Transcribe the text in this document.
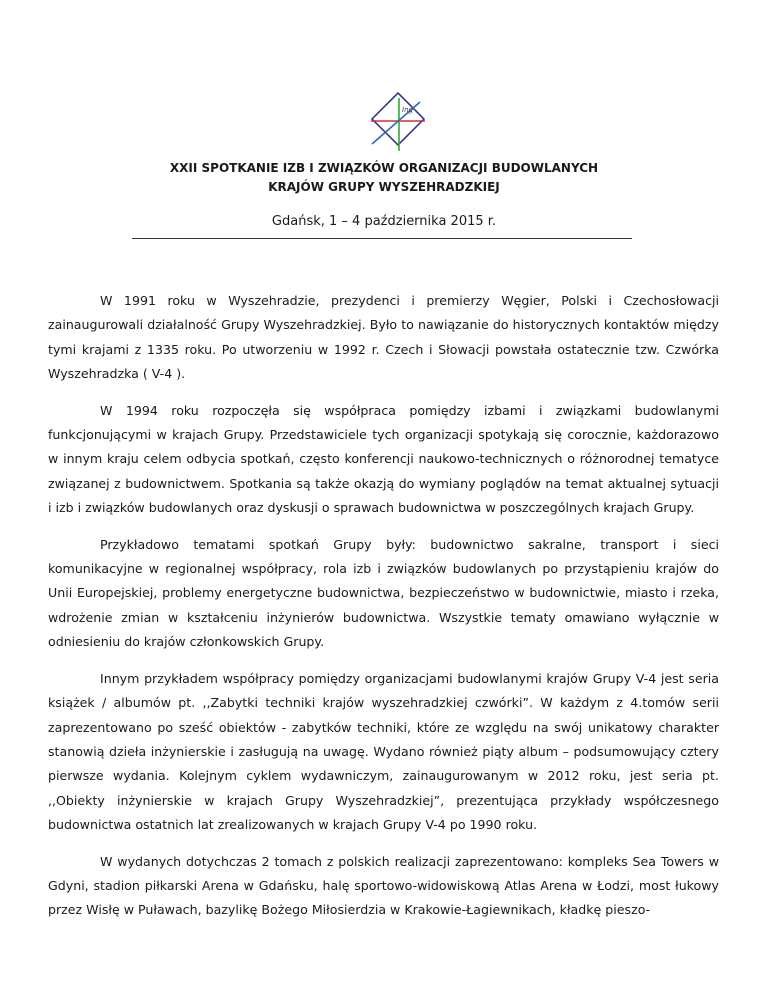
Ing
XXII SPOTKANIE IZB I ZWIĄZKÓW ORGANIZACJI BUDOWLANYCH
KRAJÓW GRUPY WYSZEHRADZKIEJ
Gdańsk, 1 – 4 października 2015 r.

W 1991 roku w Wyszehradzie, prezydenci i premierzy Węgier, Polski i Czechosłowacji zainaugurowali działalność Grupy Wyszehradzkiej. Było to nawiązanie do historycznych kontaktów między tymi krajami z 1335 roku. Po utworzeniu w 1992 r. Czech i Słowacji powstała ostatecznie tzw. Czwórka Wyszehradzka ( V-4 ).

W 1994 roku rozpoczęła się współpraca pomiędzy izbami i związkami budowlanymi funkcjonującymi w krajach Grupy. Przedstawiciele tych organizacji spotykają się corocznie, każdorazowo w innym kraju celem odbycia spotkań, często konferencji naukowo-technicznych o różnorodnej tematyce związanej z budownictwem. Spotkania są także okazją do wymiany poglądów na temat aktualnej sytuacji i izb i związków budowlanych oraz dyskusji o sprawach budownictwa w poszczególnych krajach Grupy.

Przykładowo tematami spotkań Grupy były: budownictwo sakralne, transport i sieci komunikacyjne w regionalnej współpracy, rola izb i związków budowlanych po przystąpieniu krajów do Unii Europejskiej, problemy energetyczne budownictwa, bezpieczeństwo w budownictwie, miasto i rzeka, wdrożenie zmian w kształceniu inżynierów budownictwa. Wszystkie tematy omawiano wyłącznie w odniesieniu do krajów członkowskich Grupy.

Innym przykładem współpracy pomiędzy organizacjami budowlanymi krajów Grupy V-4 jest seria książek / albumów pt. ,,Zabytki techniki krajów wyszehradzkiej czwórki”. W każdym z 4.tomów serii zaprezentowano po sześć obiektów - zabytków techniki, które ze względu na swój unikatowy charakter stanowią dzieła inżynierskie i zasługują na uwagę. Wydano również piąty album – podsumowujący cztery pierwsze wydania. Kolejnym cyklem wydawniczym, zainaugurowanym w 2012 roku, jest seria pt. ,,Obiekty inżynierskie w krajach Grupy Wyszehradzkiej”, prezentująca przykłady współczesnego budownictwa ostatnich lat zrealizowanych w krajach Grupy V-4 po 1990 roku.

W wydanych dotychczas 2 tomach z polskich realizacji zaprezentowano: kompleks Sea Towers w Gdyni, stadion piłkarski Arena w Gdańsku, halę sportowo-widowiskową Atlas Arena w Łodzi, most łukowy przez Wisłę w Puławach, bazylikę Bożego Miłosierdzia w Krakowie-Łagiewnikach, kładkę pieszo-
